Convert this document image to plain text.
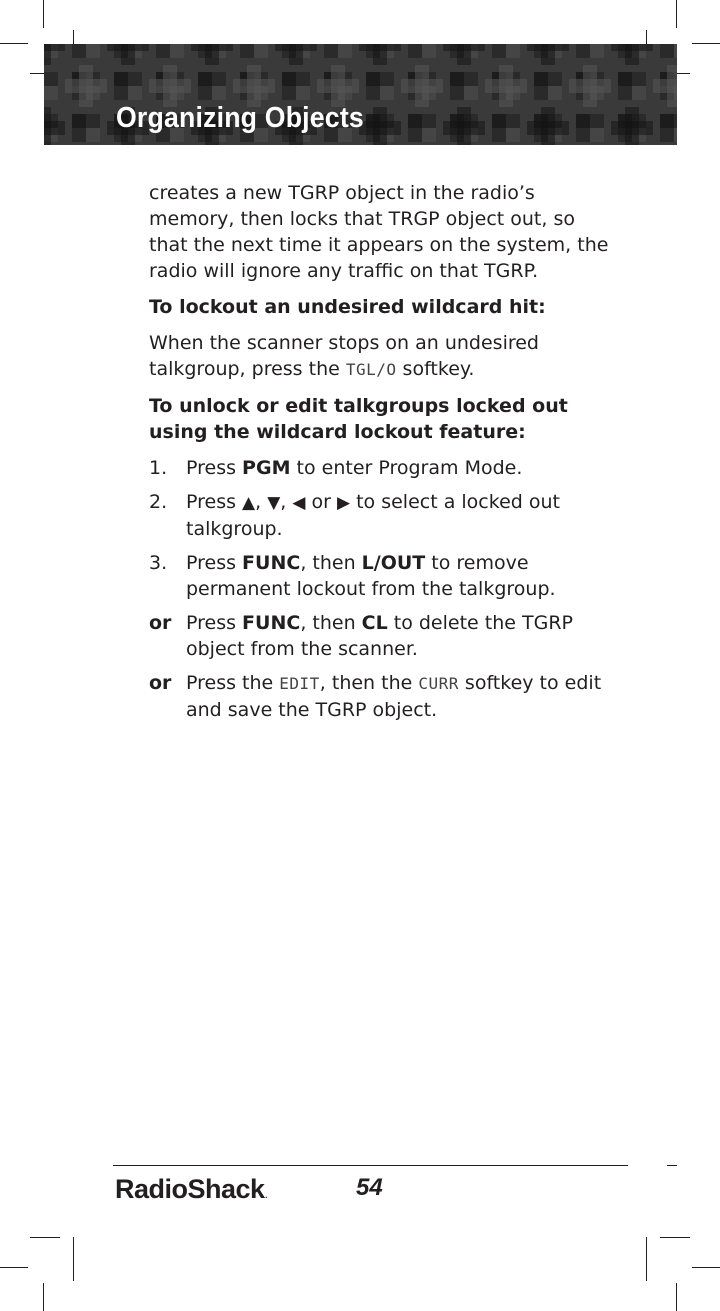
Organizing Objects

creates a new TGRP object in the radio’s memory, then locks that TRGP object out, so that the next time it appears on the system, the radio will ignore any traffic on that TGRP.

To lockout an undesired wildcard hit:

When the scanner stops on an undesired talkgroup, press the TGL/O softkey.

To unlock or edit talkgroups locked out using the wildcard lockout feature:

1. Press PGM to enter Program Mode.
2. Press ▲, ▼, ◀ or ▶ to select a locked out talkgroup.
3. Press FUNC, then L/OUT to remove permanent lockout from the talkgroup.
or Press FUNC, then CL to delete the TGRP object from the scanner.
or Press the EDIT, then the CURR softkey to edit and save the TGRP object.
RadioShack.	54
